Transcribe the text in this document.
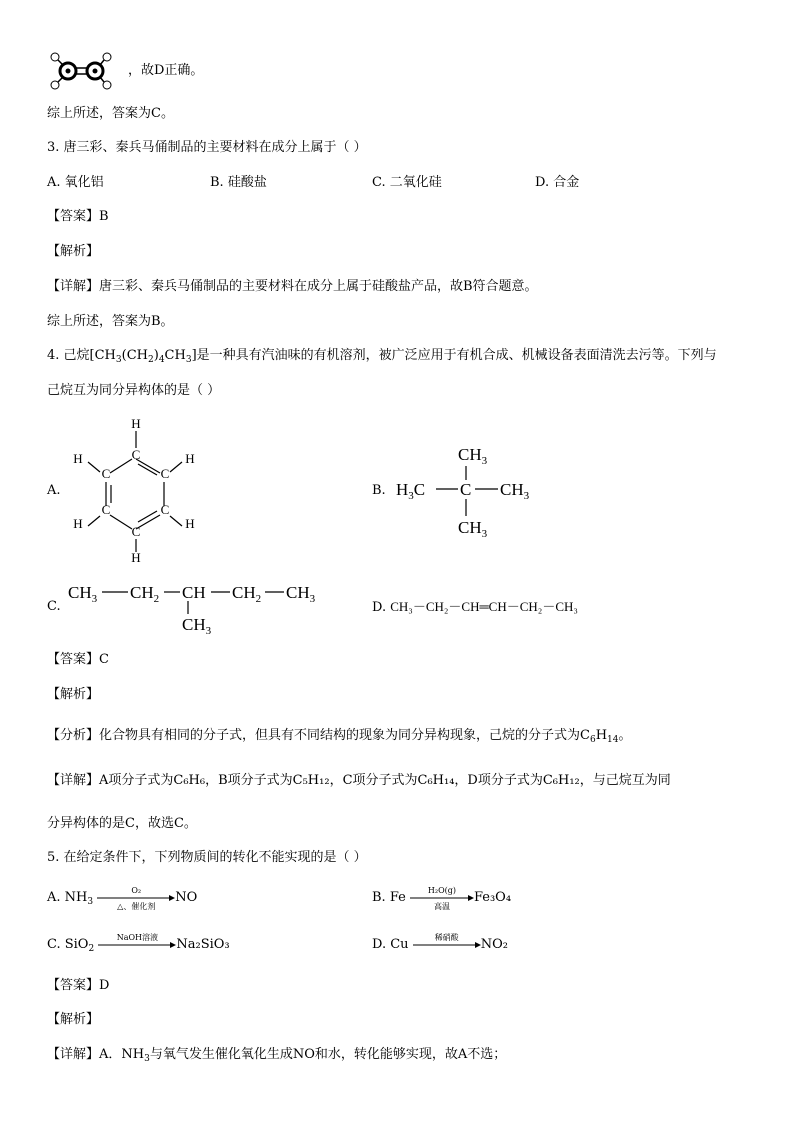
，故D正确。
综上所述，答案为C。
3. 唐三彩、秦兵马俑制品的主要材料在成分上属于（ ）
A. 氧化铝	B. 硅酸盐	C. 二氧化硅	D. 合金
【答案】B
【解析】
【详解】唐三彩、秦兵马俑制品的主要材料在成分上属于硅酸盐产品，故B符合题意。
综上所述，答案为B。
4. 己烷$[CH_3(CH_2)_4CH_3]$是一种具有汽油味的有机溶剂，被广泛应用于有机合成、机械设备表面清洗去污等。下列与
己烷互为同分异构体的是（ ）
A.
H
C
C
C
C
C
C
H
H
H
H
H
B.
$CH_3$
$H_3C$ C $CH_3$
$CH_3$
C.
$CH_3$ $CH_2$ CH $CH_2$ $CH_3$
$CH_3$
D. CH₃－CH₂－CH═CH－CH₂－CH₃
【答案】C
【解析】
【分析】化合物具有相同的分子式，但具有不同结构的现象为同分异构现象，己烷的分子式为$C_6H_{14}$。
【详解】A项分子式为C₆H₆，B项分子式为C₅H₁₂，C项分子式为C₆H₁₄，D项分子式为C₆H₁₂，与己烷互为同
分异构体的是C，故选C。
5. 在给定条件下，下列物质间的转化不能实现的是（ ）
A. $NH_3$
O₂
△、催化剂
NO	B. Fe	H₂O(g)
高温
Fe₃O₄
C. SiO$_2$
NaOH溶液	Na₂SiO₃	D. Cu	稀硝酸	NO₂
【答案】D
【解析】
【详解】A．$NH_3$与氧气发生催化氧化生成NO和水，转化能够实现，故A不选；
